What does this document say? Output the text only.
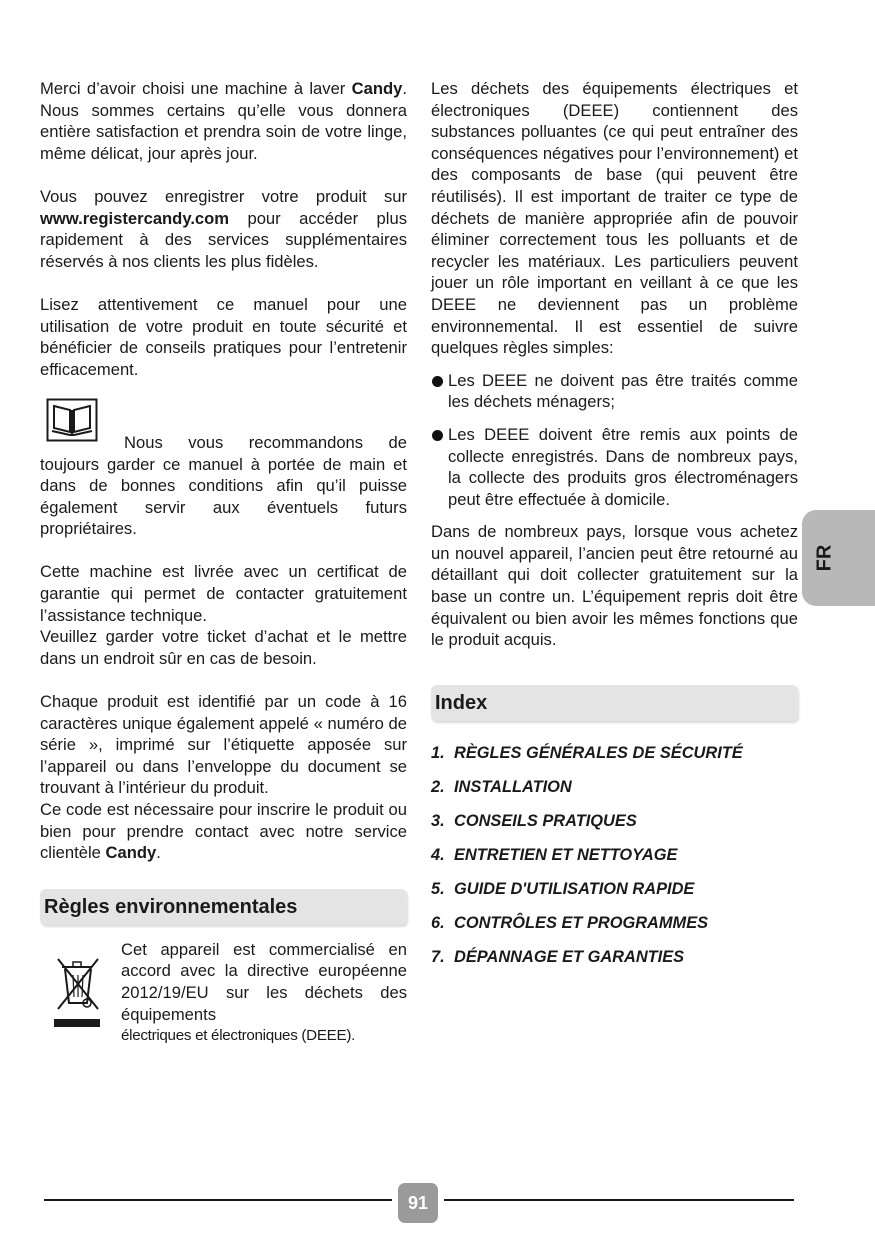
Merci d’avoir choisi une machine à laver Candy. Nous sommes certains qu’elle vous donnera entière satisfaction et prendra soin de votre linge, même délicat, jour après jour.

Vous pouvez enregistrer votre produit sur www.registercandy.com pour accéder plus rapidement à des services supplémentaires réservés à nos clients les plus fidèles.

Lisez attentivement ce manuel pour une utilisation de votre produit en toute sécurité et bénéficier de conseils pratiques pour l’entretenir efficacement.

Nous vous recommandons de toujours garder ce manuel à portée de main et dans de bonnes conditions afin qu’il puisse également servir aux éventuels futurs propriétaires.

Cette machine est livrée avec un certificat de garantie qui permet de contacter gratuitement l’assistance technique.

Veuillez garder votre ticket d’achat et le mettre dans un endroit sûr en cas de besoin.

Chaque produit est identifié par un code à 16 caractères unique également appelé « numéro de série », imprimé sur l’étiquette apposée sur l’appareil ou dans l’enveloppe du document se trouvant à l’intérieur du produit.

Ce code est nécessaire pour inscrire le produit ou bien pour prendre contact avec notre service clientèle Candy.

Règles environnementales

Cet appareil est commercialisé en accord avec la directive européenne 2012/19/EU sur les déchets des équipements

électriques et électroniques (DEEE).

Les déchets des équipements électriques et électroniques (DEEE) contiennent des substances polluantes (ce qui peut entraîner des conséquences négatives pour l’environnement) et des composants de base (qui peuvent être réutilisés). Il est important de traiter ce type de déchets de manière appropriée afin de pouvoir éliminer correctement tous les polluants et de recycler les matériaux. Les particuliers peuvent jouer un rôle important en veillant à ce que les DEEE ne deviennent pas un problème environnemental. Il est essentiel de suivre quelques règles simples:

Les DEEE ne doivent pas être traités comme les déchets ménagers;
Les DEEE doivent être remis aux points de collecte enregistrés. Dans de nombreux pays, la collecte des produits gros électroménagers peut être effectuée à domicile.

Dans de nombreux pays, lorsque vous achetez un nouvel appareil, l’ancien peut être retourné au détaillant qui doit collecter gratuitement sur la base un contre un. L’équipement repris doit être équivalent ou bien avoir les mêmes fonctions que le produit acquis.

Index
1. RÈGLES GÉNÉRALES DE SÉCURITÉ
2. INSTALLATION
3. CONSEILS PRATIQUES
4. ENTRETIEN ET NETTOYAGE
5. GUIDE D'UTILISATION RAPIDE
6. CONTRÔLES ET PROGRAMMES
7. DÉPANNAGE ET GARANTIES
FR
91
